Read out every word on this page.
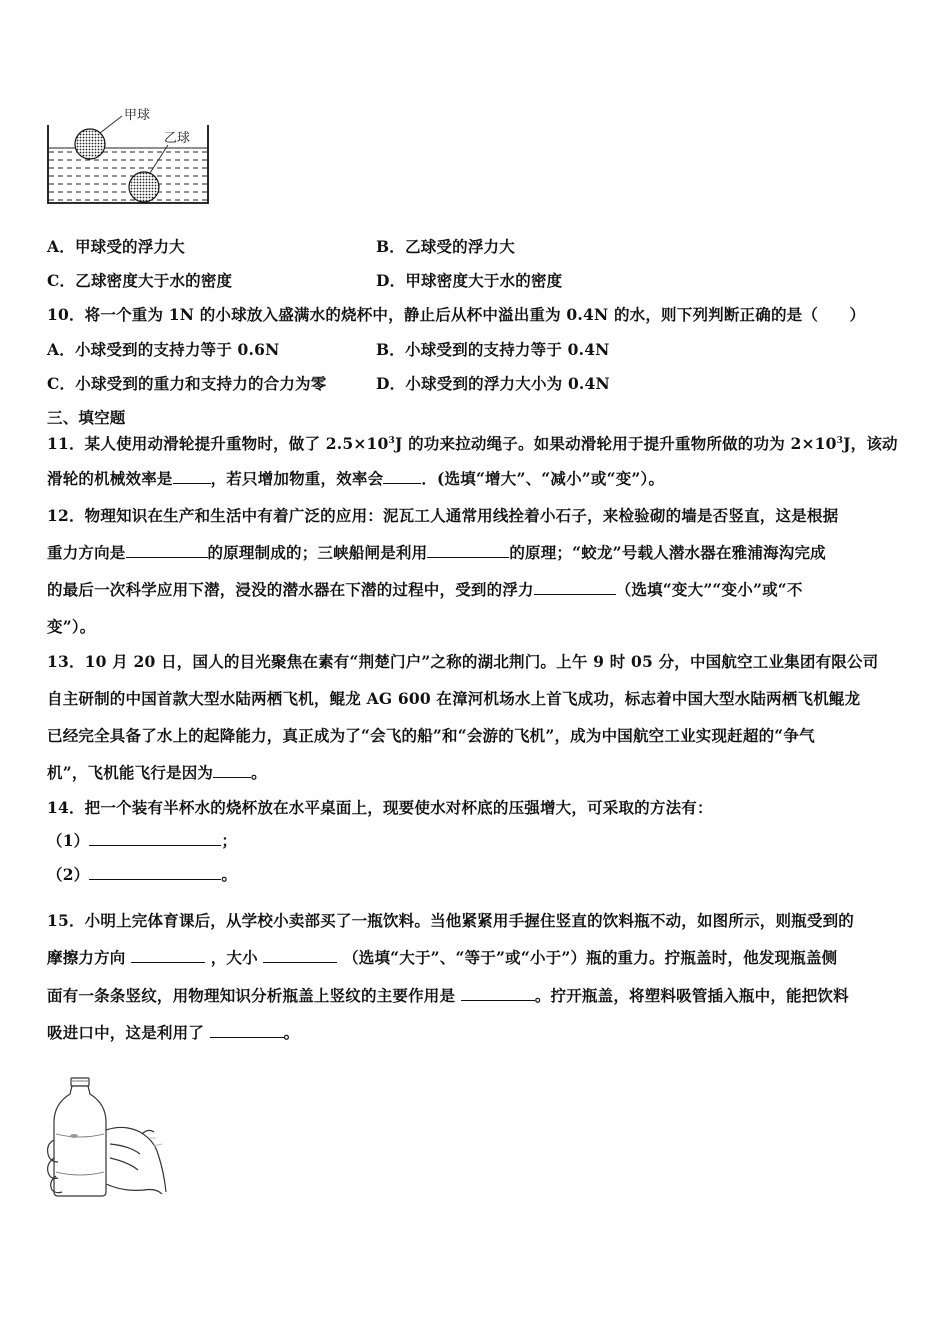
甲球
乙球
A．甲球受的浮力大	B．乙球受的浮力大
C．乙球密度大于水的密度	D．甲球密度大于水的密度
10．将一个重为 1N 的小球放入盛满水的烧杯中，静止后从杯中溢出重为 0.4N 的水，则下列判断正确的是（　　）
A．小球受到的支持力等于 0.6N	B．小球受到的支持力等于 0.4N
C．小球受到的重力和支持力的合力为零	D．小球受到的浮力大小为 0.4N
三、填空题
11．某人使用动滑轮提升重物时，做了 $2.5\times 10^3J$ 的功来拉动绳子。如果动滑轮用于提升重物所做的功为 $2\times 10^3J$，该动
滑轮的机械效率是 ，若只增加物重，效率会 ．(选填“增大”、“减小”或“变”）。
12．物理知识在生产和生活中有着广泛的应用：泥瓦工人通常用线拴着小石子，来检验砌的墙是否竖直，这是根据
重力方向是	的原理制成的；三峡船闸是利用	的原理；“蛟龙”号载人潜水器在雅浦海沟完成
的最后一次科学应用下潜，浸没的潜水器在下潜的过程中，受到的浮力	（选填“变大”“变小”或“不
变”）。
13．10 月 20 日，国人的目光聚焦在素有“荆楚门户”之称的湖北荆门。上午 9 时 05 分，中国航空工业集团有限公司
自主研制的中国首款大型水陆两栖飞机，鲲龙 AG 600 在漳河机场水上首飞成功，标志着中国大型水陆两栖飞机鲲龙
已经完全具备了水上的起降能力，真正成为了“会飞的船”和“会游的飞机”，成为中国航空工业实现赶超的“争气
机”，飞机能飞行是因为 。
14．把一个装有半杯水的烧杯放在水平桌面上，现要使水对杯底的压强增大，可采取的方法有：
（1）	；
（2）	。
15．小明上完体育课后，从学校小卖部买了一瓶饮料。当他紧紧用手握住竖直的饮料瓶不动，如图所示，则瓶受到的
摩擦力方向	，大小	（选填“大于”、“等于”或“小于”）瓶的重力。拧瓶盖时，他发现瓶盖侧
面有一条条竖纹，用物理知识分析瓶盖上竖纹的主要作用是	。拧开瓶盖，将塑料吸管插入瓶中，能把饮料
吸进口中，这是利用了	。
